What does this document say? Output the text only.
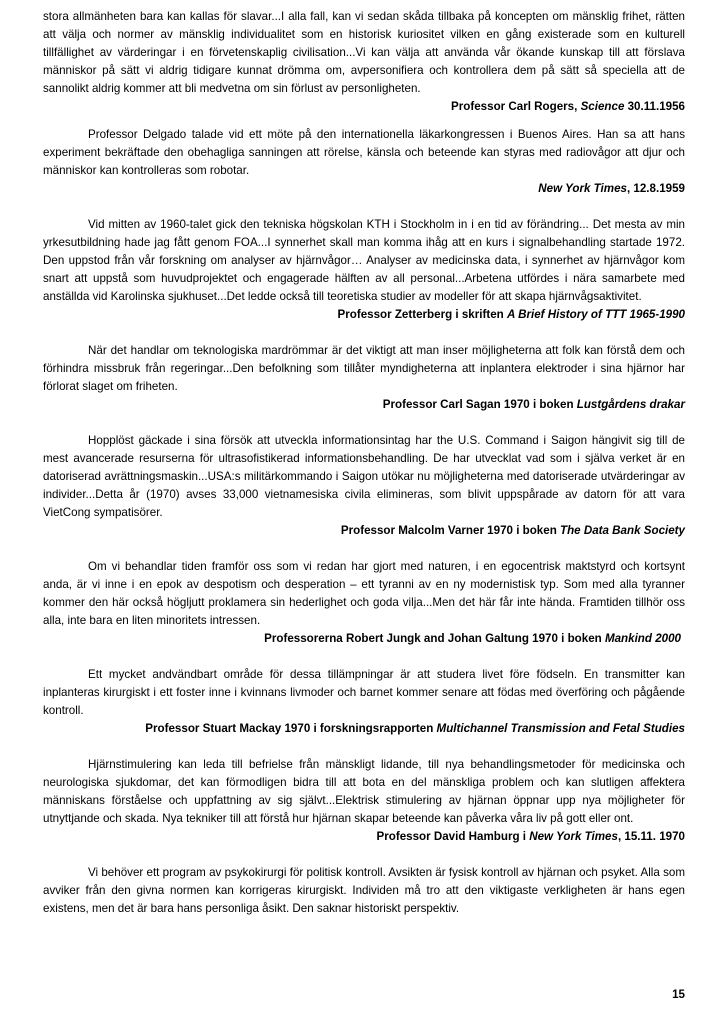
stora allmänheten bara kan kallas för slavar...I alla fall, kan vi sedan skåda tillbaka på koncepten om mänsklig frihet, rätten att välja och normer av mänsklig individualitet som en historisk kuriositet vilken en gång existerade som en kulturell tillfällighet av värderingar i en förvetenskaplig civilisation...Vi kan välja att använda vår ökande kunskap till att förslava människor på sätt vi aldrig tidigare kunnat drömma om, avpersonifiera och kontrollera dem på sätt så speciella att de sannolikt aldrig kommer att bli medvetna om sin förlust av personligheten.

Professor Carl Rogers, Science 30.11.1956

Professor Delgado talade vid ett möte på den internationella läkarkongressen i Buenos Aires. Han sa att hans experiment bekräftade den obehagliga sanningen att rörelse, känsla och beteende kan styras med radiovågor att djur och människor kan kontrolleras som robotar.

New York Times, 12.8.1959

Vid mitten av 1960-talet gick den tekniska högskolan KTH i Stockholm in i en tid av förändring... Det mesta av min yrkesutbildning hade jag fått genom FOA...I synnerhet skall man komma ihåg att en kurs i signalbehandling startade 1972. Den uppstod från vår forskning om analyser av hjärnvågor… Analyser av medicinska data, i synnerhet av hjärnvågor kom snart att uppstå som huvudprojektet och engagerade hälften av all personal...Arbetena utfördes i nära samarbete med anställda vid Karolinska sjukhuset...Det ledde också till teoretiska studier av modeller för att skapa hjärnvågsaktivitet.

Professor Zetterberg i skriften A Brief History of TTT 1965-1990

När det handlar om teknologiska mardrömmar är det viktigt att man inser möjligheterna att folk kan förstå dem och förhindra missbruk från regeringar...Den befolkning som tillåter myndigheterna att inplantera elektroder i sina hjärnor har förlorat slaget om friheten.

Professor Carl Sagan 1970 i boken Lustgårdens drakar

Hopplöst gäckade i sina försök att utveckla informationsintag har the U.S. Command i Saigon hängivit sig till de mest avancerade resurserna för ultrasofistikerad informationsbehandling. De har utvecklat vad som i själva verket är en datoriserad avrättningsmaskin...USA:s militärkommando i Saigon utökar nu möjligheterna med datoriserade utvärderingar av individer...Detta år (1970) avses 33,000 vietnamesiska civila elimineras, som blivit uppspårade av datorn för att vara VietCong sympatisörer.

Professor Malcolm Varner 1970 i boken The Data Bank Society

Om vi behandlar tiden framför oss som vi redan har gjort med naturen, i en egocentrisk maktstyrd och kortsynt anda, är vi inne i en epok av despotism och desperation – ett tyranni av en ny modernistisk typ. Som med alla tyranner kommer den här också högljutt proklamera sin hederlighet och goda vilja...Men det här får inte hända. Framtiden tillhör oss alla, inte bara en liten minoritets intressen.

Professorerna Robert Jungk and Johan Galtung 1970 i boken Mankind 2000

Ett mycket andvändbart område för dessa tillämpningar är att studera livet före födseln. En transmitter kan inplanteras kirurgiskt i ett foster inne i kvinnans livmoder och barnet kommer senare att födas med överföring och pågående kontroll.

Professor Stuart Mackay 1970 i forskningsrapporten Multichannel Transmission and Fetal Studies

Hjärnstimulering kan leda till befrielse från mänskligt lidande, till nya behandlingsmetoder för medicinska och neurologiska sjukdomar, det kan förmodligen bidra till att bota en del mänskliga problem och kan slutligen affektera människans förståelse och uppfattning av sig självt...Elektrisk stimulering av hjärnan öppnar upp nya möjligheter för utnyttjande och skada. Nya tekniker till att förstå hur hjärnan skapar beteende kan påverka våra liv på gott eller ont.

Professor David Hamburg i New York Times, 15.11. 1970

Vi behöver ett program av psykokirurgi för politisk kontroll. Avsikten är fysisk kontroll av hjärnan och psyket. Alla som avviker från den givna normen kan korrigeras kirurgiskt. Individen må tro att den viktigaste verkligheten är hans egen existens, men det är bara hans personliga åsikt. Den saknar historiskt perspektiv.

15
